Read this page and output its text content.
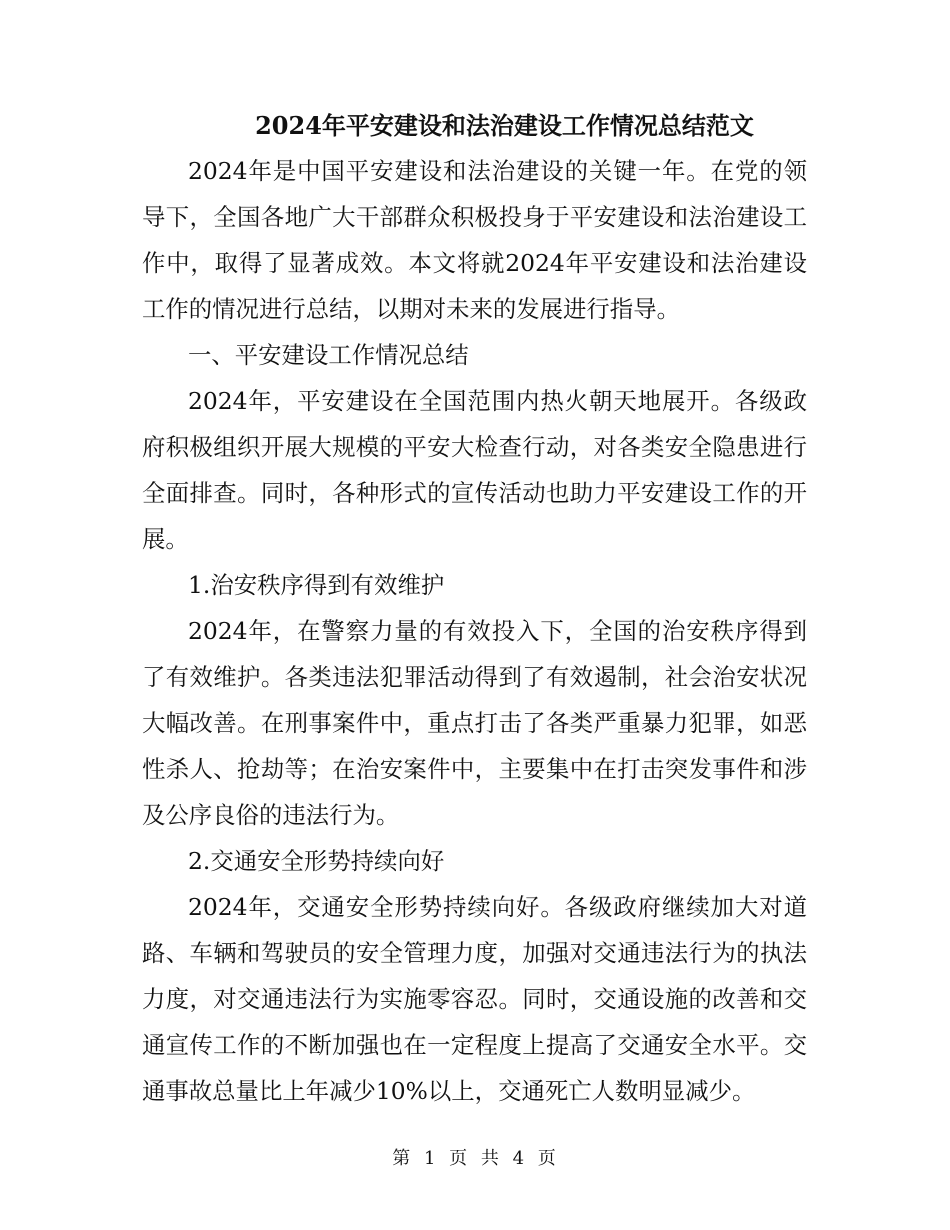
2024年平安建设和法治建设工作情况总结范文

2024年是中国平安建设和法治建设的关键一年。在党的领导下，全国各地广大干部群众积极投身于平安建设和法治建设工作中，取得了显著成效。本文将就2024年平安建设和法治建设工作的情况进行总结，以期对未来的发展进行指导。

一、平安建设工作情况总结

2024年，平安建设在全国范围内热火朝天地展开。各级政府积极组织开展大规模的平安大检查行动，对各类安全隐患进行全面排查。同时，各种形式的宣传活动也助力平安建设工作的开展。

1.治安秩序得到有效维护

2024年，在警察力量的有效投入下，全国的治安秩序得到了有效维护。各类违法犯罪活动得到了有效遏制，社会治安状况大幅改善。在刑事案件中，重点打击了各类严重暴力犯罪，如恶性杀人、抢劫等；在治安案件中，主要集中在打击突发事件和涉及公序良俗的违法行为。

2.交通安全形势持续向好

2024年，交通安全形势持续向好。各级政府继续加大对道路、车辆和驾驶员的安全管理力度，加强对交通违法行为的执法力度，对交通违法行为实施零容忍。同时，交通设施的改善和交通宣传工作的不断加强也在一定程度上提高了交通安全水平。交通事故总量比上年减少10%以上，交通死亡人数明显减少。

第 1 页 共 4 页
